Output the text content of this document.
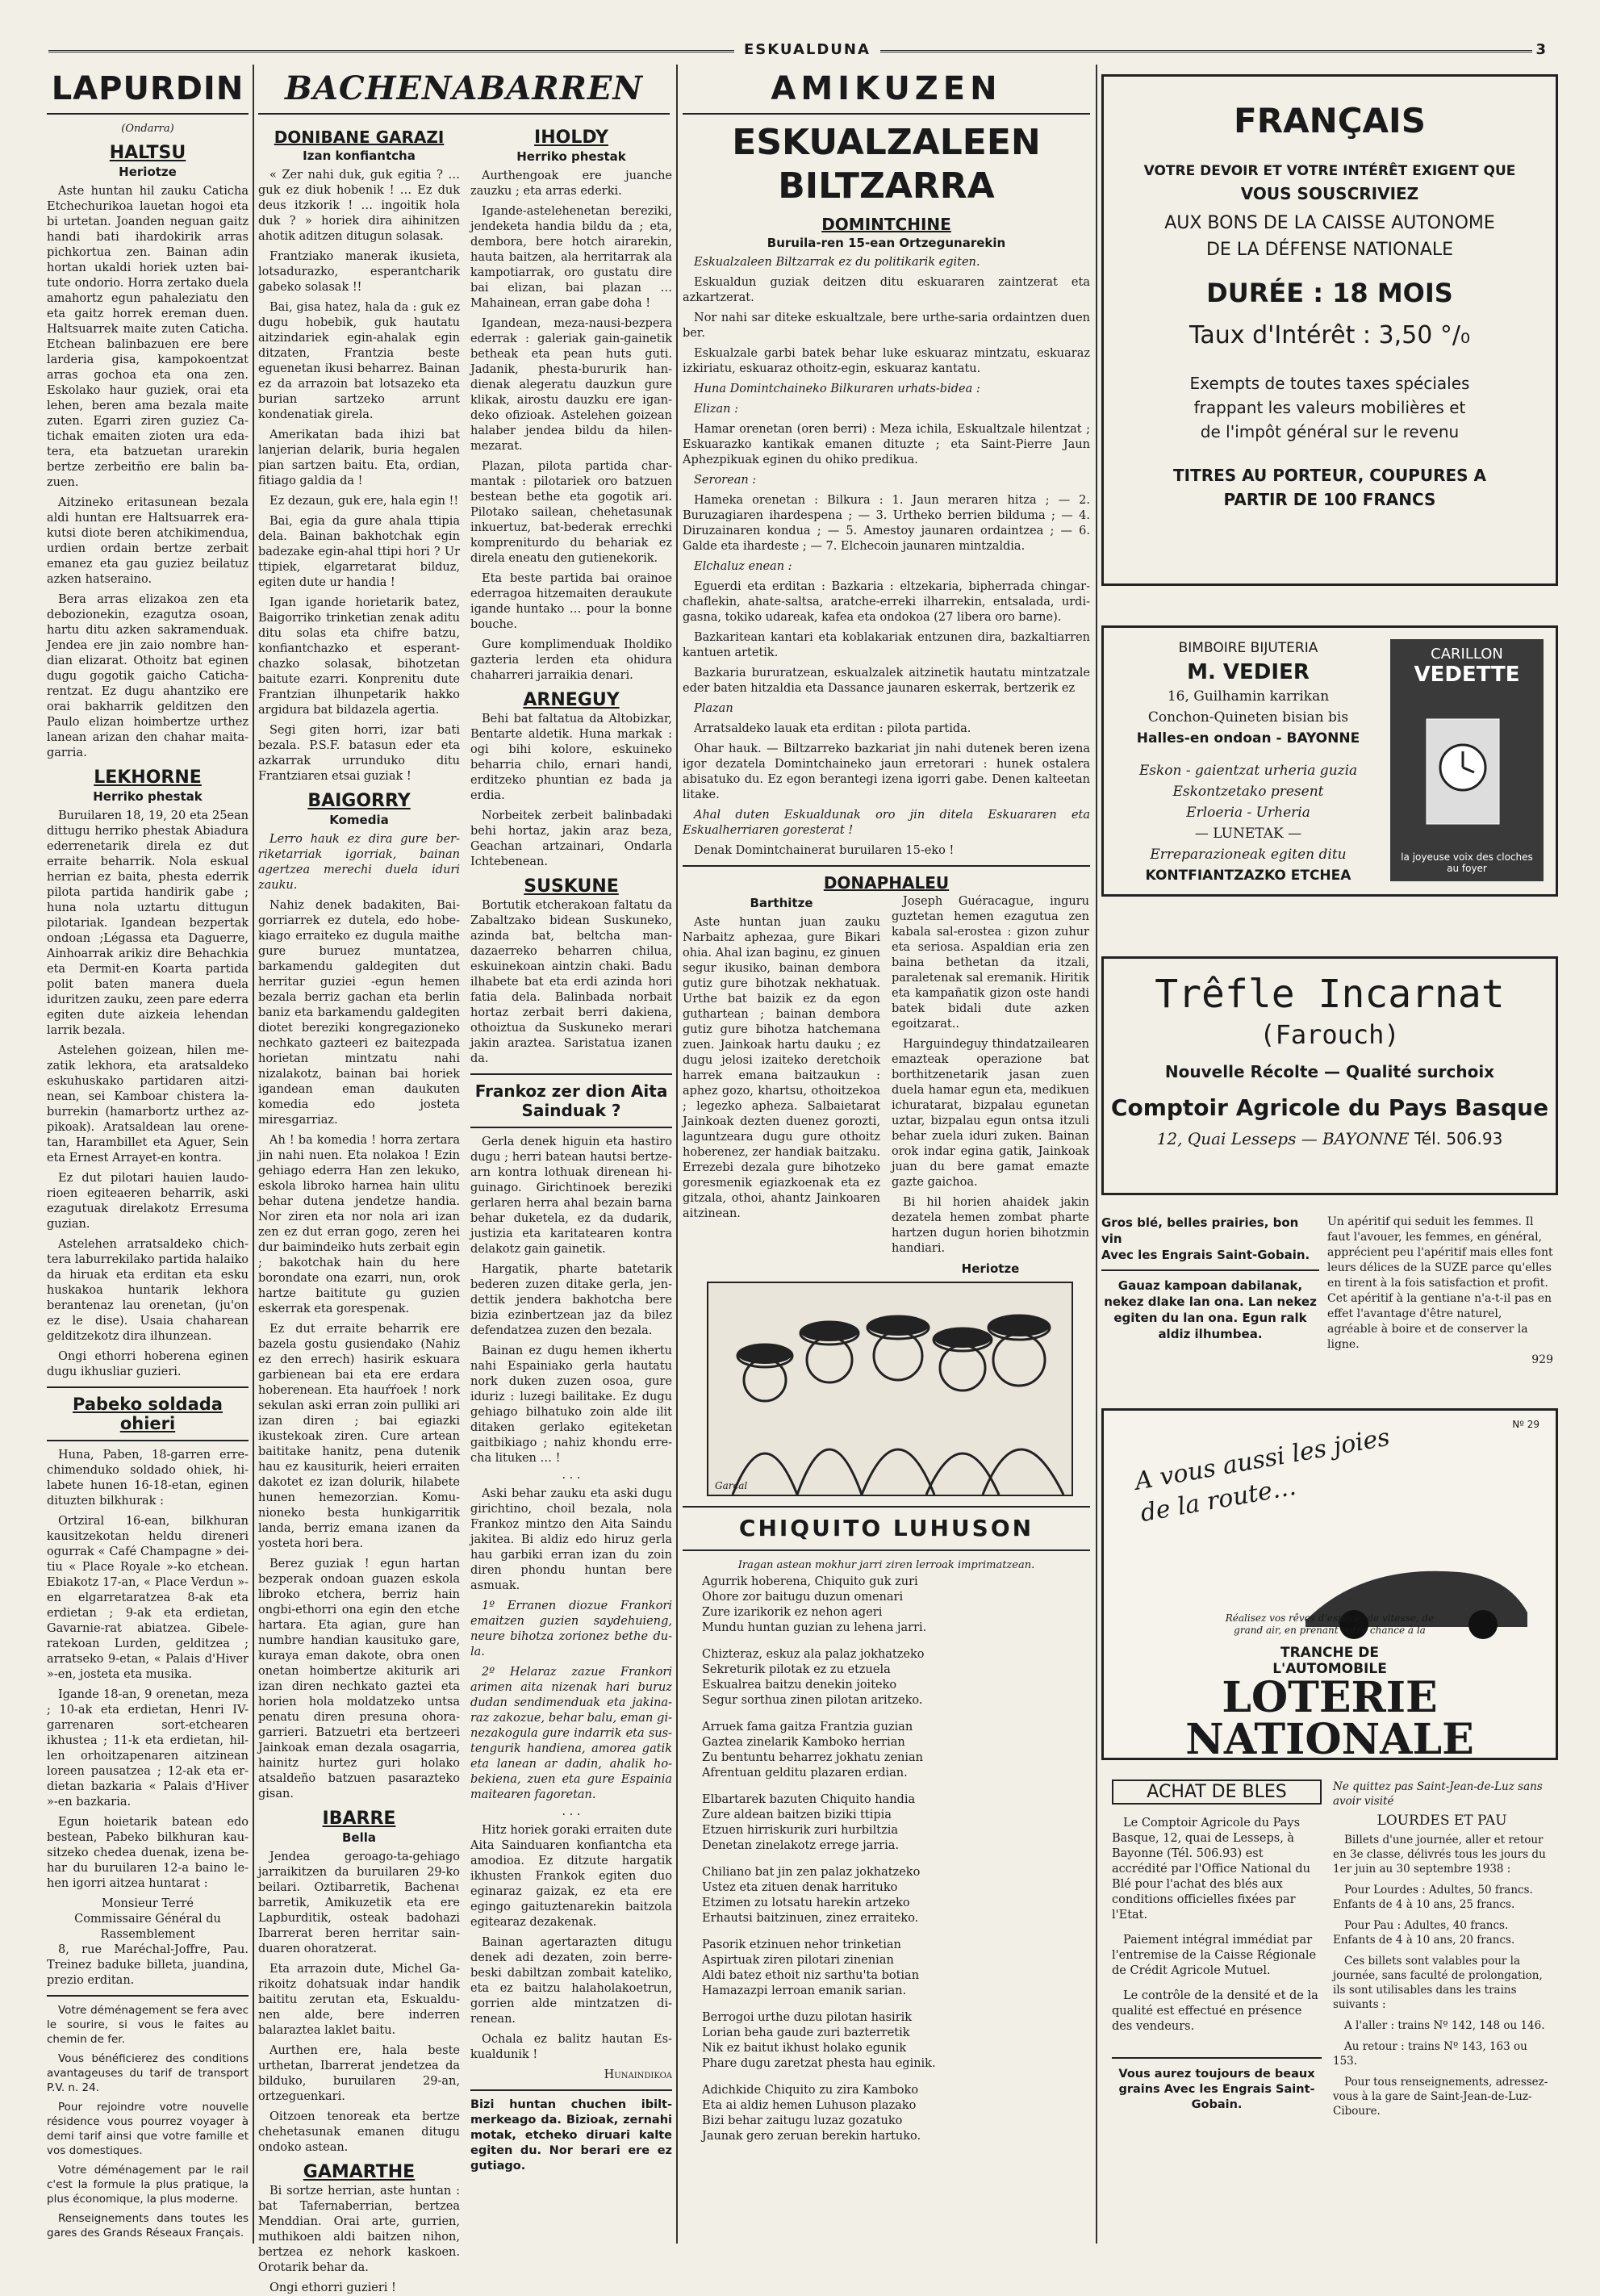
ESKUALDUNA	3
LAPURDIN
(Ondarra)
HALTSU
Heriotze

Aste huntan hil zauku Caticha Etchechurikoa lauetan hogoi eta bi urtetan. Joanden neguan gaitz handi bati ihardokirik arras pichkortua zen. Bainan adin hortan ukaldi horiek uzten baitute ondorio. Horra zertako duela amahortz egun pahaleziatu den eta gaitz horrek ereman duen. Haltsuarrek maite zuten Caticha. Etchean balinbazuen ere bere larderia gisa, kampokoentzat arras gochoa eta ona zen. Eskolako haur guziek, orai eta lehen, beren ama bezala maite zuten. Egarri ziren guziez Catichak emaiten zioten ura edatera, eta batzuetan urarekin bertze zerbeitño ere balin bazuen.

Aitzineko eritasunean bezala aldi huntan ere Haltsuarrek erakutsi diote beren atchikimendua, urdien ordain bertze zerbait emanez eta gau guziez beilatuz azken hatseraino.

Bera arras elizakoa zen eta debozionekin, ezagutza osoan, hartu ditu azken sakramenduak. Jendea ere jin zaio nombre handian elizarat. Othoitz bat eginen dugu gogotik gaicho Caticharentzat. Ez dugu ahantziko ere orai bakharrik gelditzen den Paulo elizan hoimbertze urthez lanean arizan den chahar maitagarria.

LEKHORNE
Herriko phestak

Buruilaren 18, 19, 20 eta 25ean dittugu herriko phestak Abiadura ederrenetarik direla ez dut erraite beharrik. Nola eskual herrian ez baita, phesta ederrik pilota partida handirik gabe ; huna nola uztartu dittugun pilotariak. Igandean bezpertak ondoan ;Légassa eta Daguerre, Ainhoarrak arikiz dire Behachkia eta Dermit-en Koarta partida polit baten manera duela iduritzen zauku, zeen pare ederra egiten dute aizkeia lehendan larrik bezala.

Astelehen goizean, hilen mezatik lekhora, eta aratsaldeko eskuhuskako partidaren aitzinean, sei Kamboar chistera laburrekin (hamarbortz urthez azpikoak). Aratsaldean lau orenetan, Harambillet eta Aguer, Sein eta Ernest Arrayet-en kontra.

Ez dut pilotari hauien laudorioen egiteaeren beharrik, aski ezagutuak direlakotz Erresuma guzian.

Astelehen arratsaldeko chichtera laburrekilako partida halaiko da hiruak eta erditan eta esku huskakoa huntarik lekhora berantenaz lau orenetan, (ju'on ez le dise). Usaia chaharean gelditzekotz dira ilhunzean.

Ongi ethorri hoberena eginen dugu ikhusliar guzieri.

Pabeko soldada ohieri

Huna, Paben, 18-garren errechimenduko soldado ohiek, hilabete hunen 16-18-etan, eginen dituzten bilkhurak :

Ortziral 16-ean, bilkhuran kausitzekotan heldu direneri ogurrak « Café Champagne » deitiu « Place Royale »-ko etchean. Ebiakotz 17-an, « Place Verdun »-en elgarretaratzea 8-ak eta erdietan ; 9-ak eta erdietan, Gavarnie-rat abiatzea. Gibeleratekoan Lurden, gelditzea ; arratseko 9-etan, « Palais d'Hiver »-en, josteta eta musika.

Igande 18-an, 9 orenetan, meza ; 10-ak eta erdietan, Henri IV-garrenaren sort-etchearen ikhustea ; 11-k eta erdietan, hillen orhoitzapenaren aitzinean loreen pausatzea ; 12-ak eta erdietan bazkaria « Palais d'Hiver »-en bazkaria.

Egun hoietarik batean edo bestean, Pabeko bilkhuran kausitzeko chedea duenak, izena behar du buruilaren 12-a baino lehen igorri aitzea huntarat :

Monsieur Terré
Commissaire Général du
Rassemblement

8, rue Maréchal-Joffre, Pau. Treinez baduke billeta, juandina, prezio erditan.

Votre déménagement se fera avec le sourire, si vous le faites au chemin de fer.

Vous bénéficierez des conditions avantageuses du tarif de transport P.V. n. 24.

Pour rejoindre votre nouvelle résidence vous pourrez voyager à demi tarif ainsi que votre famille et vos domestiques.

Votre déménagement par le rail c'est la formule la plus pratique, la plus économique, la plus moderne.

Renseignements dans toutes les gares des Grands Réseaux Français.

BACHENABARREN
DONIBANE GARAZI
Izan konfiantcha

« Zer nahi duk, guk egitia ? … guk ez diuk hobenik ! … Ez duk deus itzkorik ! … ingoitik hola duk ? » horiek dira aihinitzen ahotik aditzen ditugun solasak.

Frantziako manerak ikusieta, lotsadurazko, esperantcharik gabeko solasak !!

Bai, gisa hatez, hala da : guk ez dugu hobebik, guk hautatu aitzindariek egin-ahalak egin ditzaten, Frantzia beste eguenetan ikusi beharrez. Bainan ez da arrazoin bat lotsazeko eta burian sartzeko arrunt kondenatiak girela.

Amerikatan bada ihizi bat lanjerian delarik, buria hegalen pian sartzen baitu. Eta, ordian, fitiago galdia da !

Ez dezaun, guk ere, hala egin !!

Bai, egia da gure ahala ttipia dela. Bainan bakhotchak egin badezake egin-ahal ttipi hori ? Ur ttipiek, elgarretarat bilduz, egiten dute ur handia !

Igan igande horietarik batez, Baigorriko trinketian zenak aditu ditu solas eta chifre batzu, konfiantchazko et esperantchazko solasak, bihotzetan baitute ezarri. Konprenitu dute Frantzian ilhunpetarik hakko argidura bat bildazela agertia.

Segi giten horri, izar bati bezala. P.S.F. batasun eder eta azkarrak urrunduko ditu Frantziaren etsai guziak !

BAIGORRY
Komedia

Lerro hauk ez dira gure berriketarriak igorriak, bainan agertzea merechi duela iduri zauku.

Nahiz denek badakiten, Baigorriarrek ez dutela, edo hobekiago erraiteko ez dugula maithe gure buruez muntatzea, barkamendu galdegiten dut herritar guziei -egun hemen bezala berriz gachan eta berlin baniz eta barkamendu galdegiten diotet bereziki kongregazioneko nechkato gazteeri ez baitezpada horietan mintzatu nahi nizalakotz, bainan bai horiek igandean eman daukuten komedia edo josteta miresgarriaz.

Ah ! ba komedia ! horra zertara jin nahi nuen. Eta nolakoa ! Ezin gehiago ederra Han zen lekuko, eskola libroko harnea hain ulitu behar dutena jendetze handia. Nor ziren eta nor nola ari izan zen ez dut erran gogo, zeren hei dur baimindeiko huts zerbait egin ; bakotchak hain du here borondate ona ezarri, nun, orok hartze baititute gu guzien eskerrak eta gorespenak.

Ez dut erraite beharrik ere bazela gostu gusiendako (Nahiz ez den errech) hasirik eskuara garbienean bai eta ere erdara hoberenean. Eta hauŕŕoek ! nork sekulan aski erran zoin pulliki ari izan diren ; bai egiazki ikustekoak ziren. Cure artean baititake hanitz, pena dutenik hau ez kausiturik, heieri erraiten dakotet ez izan dolurik, hilabete hunen hemezorzian. Komunioneko besta hunkigarritik landa, berriz emana izanen da yosteta hori bera.

Berez guziak ! egun hartan bezperak ondoan guazen eskola libroko etchera, berriz hain ongbi-ethorri ona egin den etche hartara. Eta agian, gure han numbre handian kausituko gare, kuraya eman dakote, obra onen onetan hoimbertze akiturik ari izan diren nechkato gaztei eta horien hola moldatzeko untsa penatu diren presuna ohoragarrieri. Batzuetri eta bertzeeri Jainkoak eman dezala osagarria, hainitz hurtez guri holako atsaldeño batzuen pasarazteko gisan.

IBARRE
Bella

Jendea geroago-ta-gehiago jarraikitzen da buruilaren 29-ko beilari. Oztibarretik, Bachenaɩ barretik, Amikuzetik eta ere Lapburditik, osteak badohazi Ibarrerat beren herritar sainduaren ohoratzerat.

Eta arrazoin dute, Michel Garikoitz dohatsuak indar handik baititu zerutan eta, Eskualdu- nen alde, bere inderren balaraztea laklet baitu.

Aurthen ere, hala beste urthetan, Ibarrerat jendetzea da bilduko, buruilaren 29-an, ortzeguenkari.

Oitzoen tenoreak eta bertze chehetasunak emanen ditugu ondoko astean.

GAMARTHE

Bi sortze herrian, aste huntan : bat Tafernaberrian, bertzea Menddian. Orai arte, gurrien, muthikoen aldi baitzen nihon, bertzea ez nehork kaskoen. Orotarik behar da.

Ongi ethorri guzieri !

IHOLDY
Herriko phestak

Aurthengoak ere juanche zauzku ; eta arras ederki.

Igande-astelehenetan bereziki, jendeketa handia bildu da ; eta, dembora, bere hotch airarekin, hauta baitzen, ala herritarrak ala kampotiarrak, oro gustatu dire bai elizan, bai plazan … Mahainean, erran gabe doha !

Igandean, meza-nausi-bezpera ederrak : galeriak gain-gainetik betheak eta pean huts guti. Jadanik, phesta-bururik handienak alegeratu dauzkun gure klikak, airostu dauzku ere igandeko ofizioak. Astelehen goizean halaber jendea bildu da hilenmezarat.

Plazan, pilota partida charmantak : pilotariek oro batzuen bestean bethe eta gogotik ari. Pilotako sailean, chehetasunak inkuertuz, bat-bederak errechki kompreniturdo du behariak ez direla eneatu den gutienekorik.

Eta beste partida bai orainoe ederragoa hitzemaiten deraukute igande huntako … pour la bonne bouche.

Gure komplimenduak Iholdiko gazteria lerden eta ohidura chaharreri jarraikia denari.

ARNEGUY

Behi bat faltatua da Altobizkar, Bentarte aldetik. Huna markak : ogi bihi kolore, eskuineko beharria chilo, ernari handi, erditzeko phuntian ez bada ja erdia.

Norbeitek zerbeit balinbadaki behi hortaz, jakin araz beza, Geachan artzainari, Ondarla Ichtebenean.

SUSKUNE

Bortutik etcherakoan faltatu da Zabaltzako bidean Suskuneko, azinda bat, beltcha mandazaerreko beharren chilua, eskuinekoan aintzin chaki. Badu ilhabete bat eta erdi azinda hori fatia dela. Balinbada norbait hortaz zerbait berri dakiena, othoiztua da Suskuneko merari jakin araztea. Saristatua izanen da.

Frankoz zer dion Aita Sainduak ?

Gerla denek higuin eta hastiro dugu ; herri batean hautsi bertzearn kontra lothuak direnean higuinago. Girichtinoek bereziki gerlaren herra ahal bezain barna behar duketela, ez da dudarik, justizia eta karitatearen kontra delakotz gain gainetik.

Hargatik, pharte batetarik bederen zuzen ditake gerla, jendettik jendera bakhotcha bere bizia ezinbertzean jaz da bilez defendatzea zuzen den bezala.

Bainan ez dugu hemen ikhertu nahi Espainiako gerla hautatu nork duken zuzen osoa, gure iduriz : luzegi bailitake. Ez dugu gehiago bilhatuko zoin alde ilit ditaken gerlako egiteketan gaitbikiago ; nahiz khondu errecha lituken … !

· · ·

Aski behar zauku eta aski dugu girichtino, choil bezala, nola Frankoz mintzo den Aita Saindu jakitea. Bi aldiz edo hiruz gerla hau garbiki erran izan du zoin diren phondu huntan bere asmuak.

1º Erranen diozue Frankori emaitzen guzien saydehuieng, neure bihotza zorionez bethe dula.

2º Helaraz zazue Frankori arimen aita nizenak hari buruz dudan sendimenduak eta jakinaraz zakozue, behar balu, eman ginezakogula gure indarrik eta sustengurik handiena, amorea gatik eta lanean ar dadin, ahalik hobekiena, zuen eta gure Espainia maitearen fagoretan.

· · ·

Hitz horiek goraki erraiten dute Aita Sainduaren konfiantcha eta amodioa. Ez ditzute hargatik ikhusten Frankok egiten duo eginaraz gaizak, ez eta ere egingo gaituztenarekin baitzola egitearaz dezakenak.

Bainan agertarazten ditugu denek adi dezaten, zoin berrebeski dabiltzan zombait kateliko, eta ez baitzu halaholakoetrun, gorrien alde mintzatzen direnean.

Ochala ez balitz hautan Eskualdunik !

Hunaindikoa

Bizi huntan chuchen ibiltmerkeago da. Bizioak, zernahi motak, etcheko diruari kalte egiten du. Nor berari ere ez gutiago.

AMIKUZEN
ESKUALZALEEN BILTZARRA
DOMINTCHINE
Buruila-ren 15-ean Ortzegunarekin

Eskualzaleen Biltzarrak ez du politikarik egiten.

Eskualdun guziak deitzen ditu eskuararen zaintzerat eta azkartzerat.

Nor nahi sar diteke eskualtzale, bere urthe-saria ordaintzen duen ber.

Eskualzale garbi batek behar luke eskuaraz mintzatu, eskuaraz izkiriatu, eskuaraz othoitz-egin, eskuaraz kantatu.

Huna Domintchaineko Bilkuraren urhats-bidea :

Elizan :

Hamar orenetan (oren berri) : Meza ichila, Eskualtzale hilentzat ; Eskuarazko kantikak emanen dituzte ; eta Saint-Pierre Jaun Aphezpikuak eginen du ohiko predikua.

Serorean :

Hameka orenetan : Bilkura : 1. Jaun meraren hitza ; — 2. Buruzagiaren ihardespena ; — 3. Urtheko berrien bilduma ; — 4. Diruzainaren kondua ; — 5. Amestoy jaunaren ordaintzea ; — 6. Galde eta ihardeste ; — 7. Elchecoin jaunaren mintzaldia.

Elchaluz enean :

Eguerdi eta erditan : Bazkaria : eltzekaria, bipherrada chingar-chaflekin, ahate-saltsa, aratche-erreki ilharrekin, entsalada, urdi-gasna, tokiko udareak, kafea eta ondokoa (27 libera oro barne).

Bazkaritean kantari eta koblakariak entzunen dira, bazkaltiarren kantuen artetik.

Bazkaria bururatzean, eskualzalek aitzinetik hautatu mintzatzale eder baten hitzaldia eta Dassance jaunaren eskerrak, bertzerik ez

Plazan

Arratsaldeko lauak eta erditan : pilota partida.

Ohar hauk. — Biltzarreko bazkariat jin nahi dutenek beren izena igor dezatela Domintchaineko jaun erretorari : hunek ostalera abisatuko du. Ez egon berantegi izena igorri gabe. Denen kalteetan litake.

Ahal duten Eskualdunak oro jin ditela Eskuararen eta Eskualherriaren goresterat !

Denak Domintchainerat buruilaren 15-eko !

DONAPHALEU
Barthitze

Aste huntan juan zauku Narbaitz aphezaa, gure Bikari ohia. Ahal izan baginu, ez ginuen segur ikusiko, bainan dembora gutiz gure bihotzak nekhatuak. Urthe bat baizik ez da egon guthartean ; bainan dembora gutiz gure bihotza hatchemana zuen. Jainkoak hartu dauku ; ez dugu jelosi izaiteko deretchoik harrek emana baitzaukun : aphez gozo, khartsu, othoitzekoa ; legezko aphezа. Salbaietarat Jainkoak dezten duenez gorozti, laguntzeara dugu gure othoitz hoberenez, zer handiak baitzaku. Errezebi dezala gure bihotzeko goresmenik egiazkoenak eta ez gitzala, othoi, ahantz Jainkoaren aitzinean.

Joseph Guéracague, inguru guztetan hemen ezagutua zen kabala sal-erostea : gizon zuhur eta seriosa. Aspaldian eria zen baina bethetan da itzali, paraletenak sal eremanik. Hiritik eta kampañatik gizon oste handi batek bidali dute azken egoitzarat..

Harguindeguy thindatzailearen emazteak operazione bat borthitzenetarik jasan zuen duela hamar egun eta, medikuen ichuratarat, bizpalau egunetan uztar, bizpalau egun ontsa itzuli behar zuela iduri zuken. Bainan orok indar egina gatik, Jainkoak juan du bere gamat emazte gazte gaichoa.

Bi hil horien ahaidek jakin dezatela hemen zombat pharte hartzen dugun horien bihotzmin handiari.

Heriotze

Garcal
CHIQUITO LUHUSON
Iragan astean mokhur jarri ziren lerroak imprimatzean.

Agurrik hoberena, Chiquito guk zuri

Ohore zor baitugu duzun omenari

Zure izarikorik ez nehon ageri

Mundu huntan guzian zu lehena jarri.

Chizteraz, eskuz ala palaz jokhatzeko

Sekreturik pilotak ez zu etzuela

Eskualrea baitzu denekin joiteko

Segur sorthua zinen pilotan aritzeko.

Arruek fama gaitza Frantzia guzian

Gaztea zinelarik Kamboko herrian

Zu bentuntu beharrez jokhatu zenian

Afrentuan gelditu plazaren erdian.

Elbartarek bazuten Chiquito handia

Zure aldean baitzen biziki ttipia

Etzuen hirriskurik zuri hurbiltzia

Denetan zinelakotz errege jarria.

Chiliano bat jin zen palaz jokhatzeko

Ustez eta zituen denak harrituko

Etzimen zu lotsatu harekin artzeko

Erhautsi baitzinuen, zinez erraiteko.

Pasorik etzinuen nehor trinketian

Aspirtuak ziren pilotari zinenian

Aldi batez ethoit niz sarthu'ta botian

Hamazazpi lerroan emanik sarian.

Berrogoi urthe duzu pilotan hasirik

Lorian beha gaude zuri bazterretik

Nik ez baitut ikhust holako egunik

Phare dugu zaretzat phesta hau eginik.

Adichkide Chiquito zu zira Kamboko

Eta ai aldiz hemen Luhuson plazako

Bizi behar zaitugu luzaz gozatuko

Jaunak gero zeruan berekin hartuko.

FRANÇAIS
VOTRE DEVOIR ET VOTRE INTÉRÊT EXIGENT QUE
VOUS SOUSCRIVIEZ
AUX BONS DE LA CAISSE AUTONOME
DE LA DÉFENSE NATIONALE
DURÉE : 18 MOIS
Taux d'Intérêt : 3,50 °/₀
Exempts de toutes taxes spéciales
frappant les valeurs mobilières et
de l'impôt général sur le revenu
TITRES AU PORTEUR, COUPURES A
PARTIR DE 100 FRANCS
BIMBOIRE BIJUTERIA
M. VEDIER
16, Guilhamin karrikan
Conchon-Quineten bisian bis
Halles-en ondoan - BAYONNE
Eskon - gaientzat urheria guzia
Eskontzetako present
Erloeria - Urheria
— LUNETAK —
Erreparazioneak egiten ditu
KONTFIANTZAZKO ETCHEA
CARILLON
VEDETTE
la joyeuse voix des cloches au foyer
Trêfle Incarnat
(Farouch)
Nouvelle Récolte — Qualité surchoix
Comptoir Agricole du Pays Basque
12, Quai Lesseps — BAYONNE Tél. 506.93
Gros blé, belles prairies, bon vin
Avec les Engrais Saint-Gobain.
Gauaz kampoan dabilanak, nekez dlake lan ona. Lan nekez egiten du lan ona. Egun ralk aldiz ilhumbea.
Un apéritif qui seduit les femmes. Il faut l'avouer, les femmes, en général, apprécient peu l'apéritif mais elles font leurs délices de la SUZE parce qu'elles en tirent à la fois satisfaction et profit. Cet apéritif à la gentiane n'a-t-il pas en effet l'avantage d'être naturel, agréable à boire et de conserver la ligne.
929
Nº 29
A vous aussi les joies de la route…
Réalisez vos rêves d'espace, de vitesse, de grand air, en prenant votre chance à la
TRANCHE DE L'AUTOMOBILE
LOTERIE NATIONALE
ACHAT DE BLES

Le Comptoir Agricole du Pays Basque, 12, quai de Lesseps, à Bayonne (Tél. 506.93) est accrédité par l'Office National du Blé pour l'achat des blés aux conditions officielles fixées par l'Etat.

Paiement intégral immédiat par l'entremise de la Caisse Régionale de Crédit Agricole Mutuel.

Le contrôle de la densité et de la qualité est effectué en présence des vendeurs.

Vous aurez toujours de beaux grains Avec les Engrais Saint-Gobain.
Ne quittez pas Saint-Jean-de-Luz sans avoir visité
LOURDES ET PAU

Billets d'une journée, aller et retour en 3e classe, délivrés tous les jours du 1er juin au 30 septembre 1938 :

Pour Lourdes : Adultes, 50 francs. Enfants de 4 à 10 ans, 25 francs.

Pour Pau : Adultes, 40 francs. Enfants de 4 à 10 ans, 20 francs.

Ces billets sont valables pour la journée, sans faculté de prolongation, ils sont utilisables dans les trains suivants :

A l'aller : trains Nº 142, 148 ou 146.

Au retour : trains Nº 143, 163 ou 153.

Pour tous renseignements, adressez-vous à la gare de Saint-Jean-de-Luz-Ciboure.
